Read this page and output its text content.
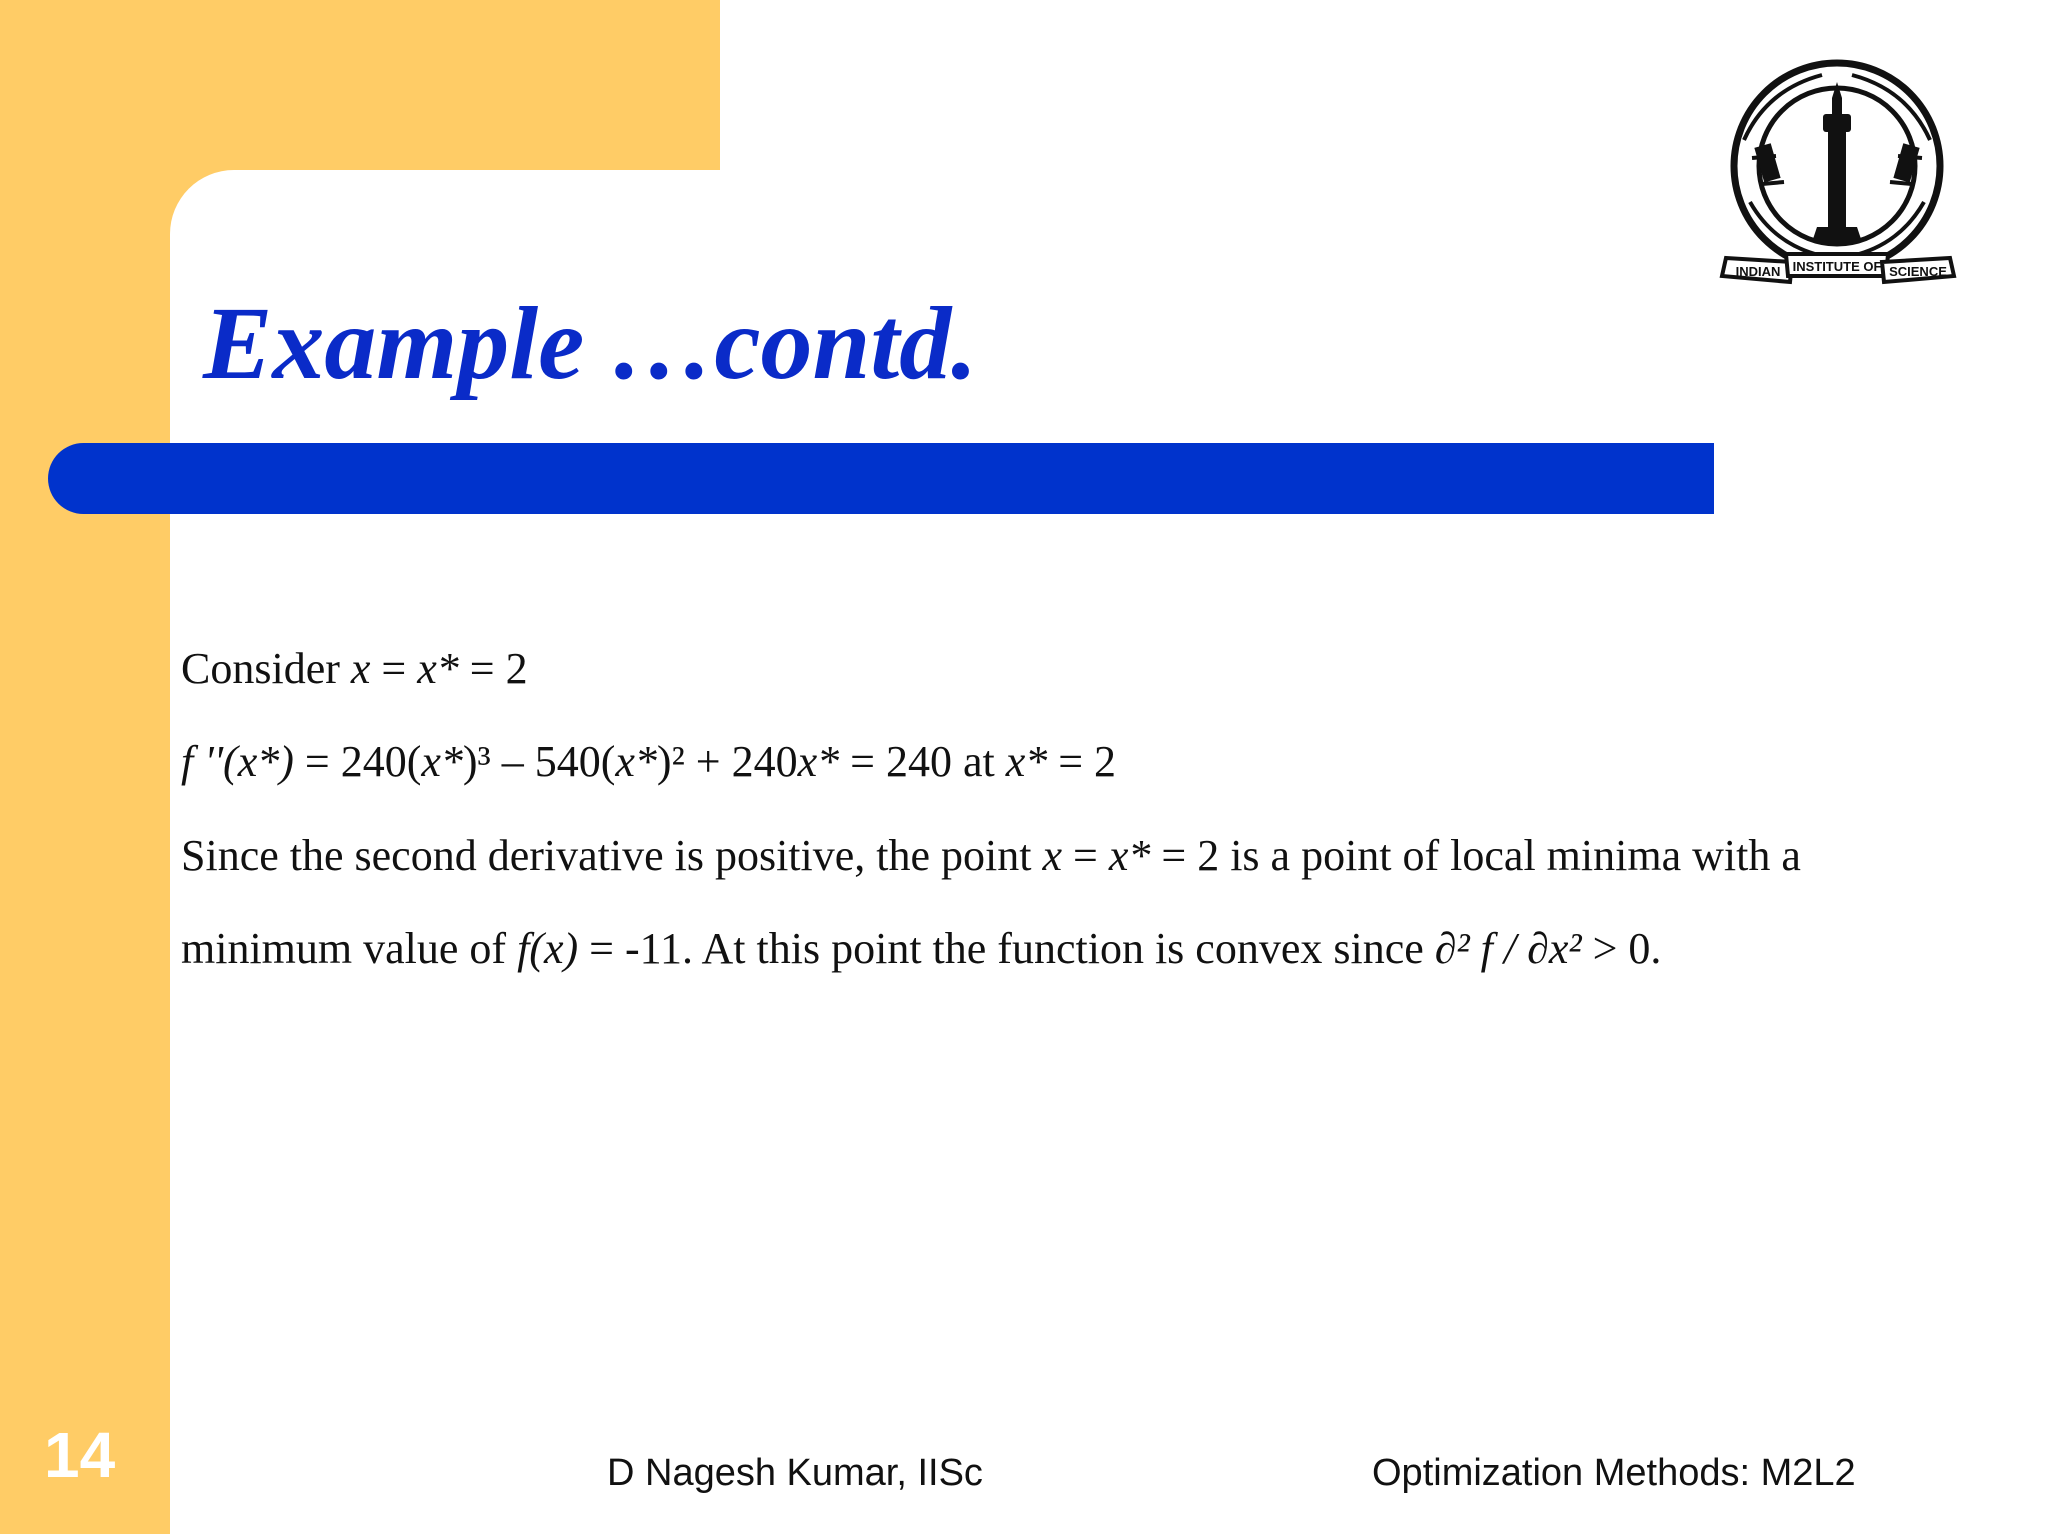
Example …contd.
INDIAN INSTITUTE OF SCIENCE

Consider x = x* = 2

f ''(x*) = 240(x*)³ – 540(x*)² + 240x* = 240 at x* = 2

Since the second derivative is positive, the point x = x* = 2 is a point of local minima with a

minimum value of f(x) = -11. At this point the function is convex since ∂² f / ∂x² > 0.

14	D Nagesh Kumar, IISc	Optimization Methods: M2L2
